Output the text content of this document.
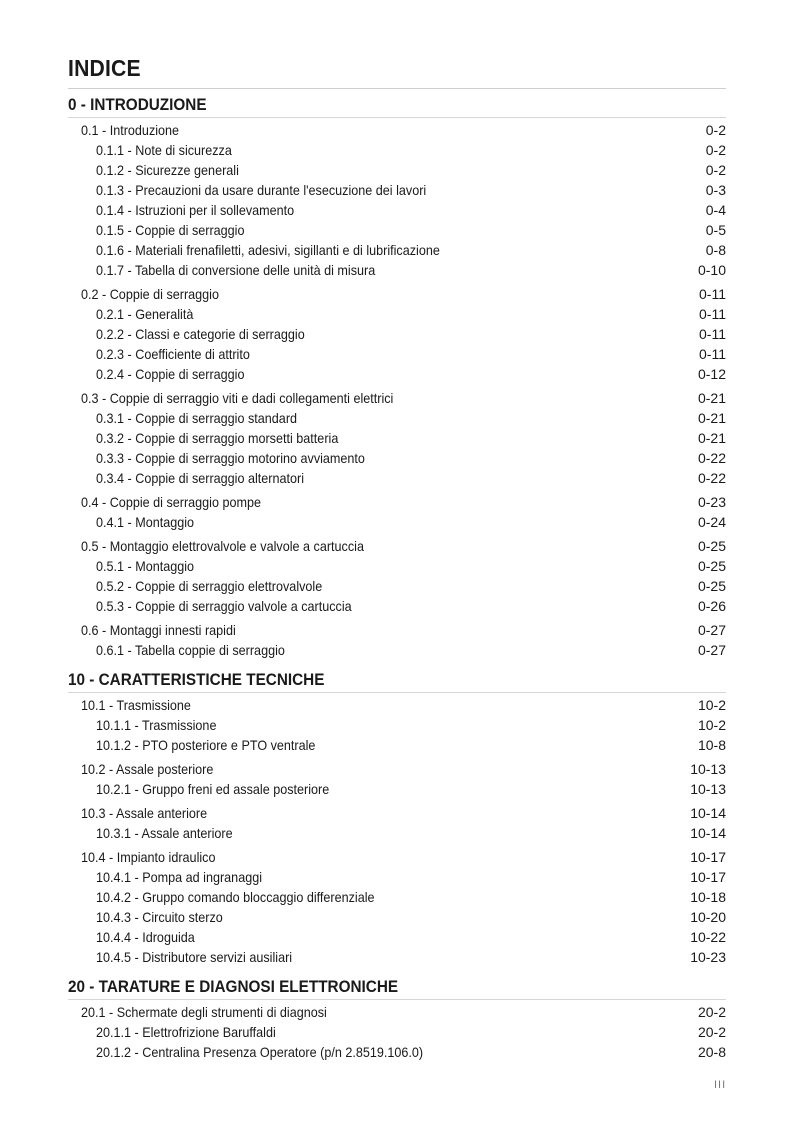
INDICE
0 - INTRODUZIONE
0.1 - Introduzione	0-2
0.1.1 - Note di sicurezza	0-2
0.1.2 - Sicurezze generali	0-2
0.1.3 - Precauzioni da usare durante l'esecuzione dei lavori	0-3
0.1.4 - Istruzioni per il sollevamento	0-4
0.1.5 - Coppie di serraggio	0-5
0.1.6 - Materiali frenafiletti, adesivi, sigillanti e di lubrificazione	0-8
0.1.7 - Tabella di conversione delle unità di misura	0-10
0.2 - Coppie di serraggio	0-11
0.2.1 - Generalità	0-11
0.2.2 - Classi e categorie di serraggio	0-11
0.2.3 - Coefficiente di attrito	0-11
0.2.4 - Coppie di serraggio	0-12
0.3 - Coppie di serraggio viti e dadi collegamenti elettrici	0-21
0.3.1 - Coppie di serraggio standard	0-21
0.3.2 - Coppie di serraggio morsetti batteria	0-21
0.3.3 - Coppie di serraggio motorino avviamento	0-22
0.3.4 - Coppie di serraggio alternatori	0-22
0.4 - Coppie di serraggio pompe	0-23
0.4.1 - Montaggio	0-24
0.5 - Montaggio elettrovalvole e valvole a cartuccia	0-25
0.5.1 - Montaggio	0-25
0.5.2 - Coppie di serraggio elettrovalvole	0-25
0.5.3 - Coppie di serraggio valvole a cartuccia	0-26
0.6 - Montaggi innesti rapidi	0-27
0.6.1 - Tabella coppie di serraggio	0-27
10 - CARATTERISTICHE TECNICHE
10.1 - Trasmissione	10-2
10.1.1 - Trasmissione	10-2
10.1.2 - PTO posteriore e PTO ventrale	10-8
10.2 - Assale posteriore	10-13
10.2.1 - Gruppo freni ed assale posteriore	10-13
10.3 - Assale anteriore	10-14
10.3.1 - Assale anteriore	10-14
10.4 - Impianto idraulico	10-17
10.4.1 - Pompa ad ingranaggi	10-17
10.4.2 - Gruppo comando bloccaggio differenziale	10-18
10.4.3 - Circuito sterzo	10-20
10.4.4 - Idroguida	10-22
10.4.5 - Distributore servizi ausiliari	10-23
20 - TARATURE E DIAGNOSI ELETTRONICHE
20.1 - Schermate degli strumenti di diagnosi	20-2
20.1.1 - Elettrofrizione Baruffaldi	20-2
20.1.2 - Centralina Presenza Operatore (p/n 2.8519.106.0)	20-8
III
